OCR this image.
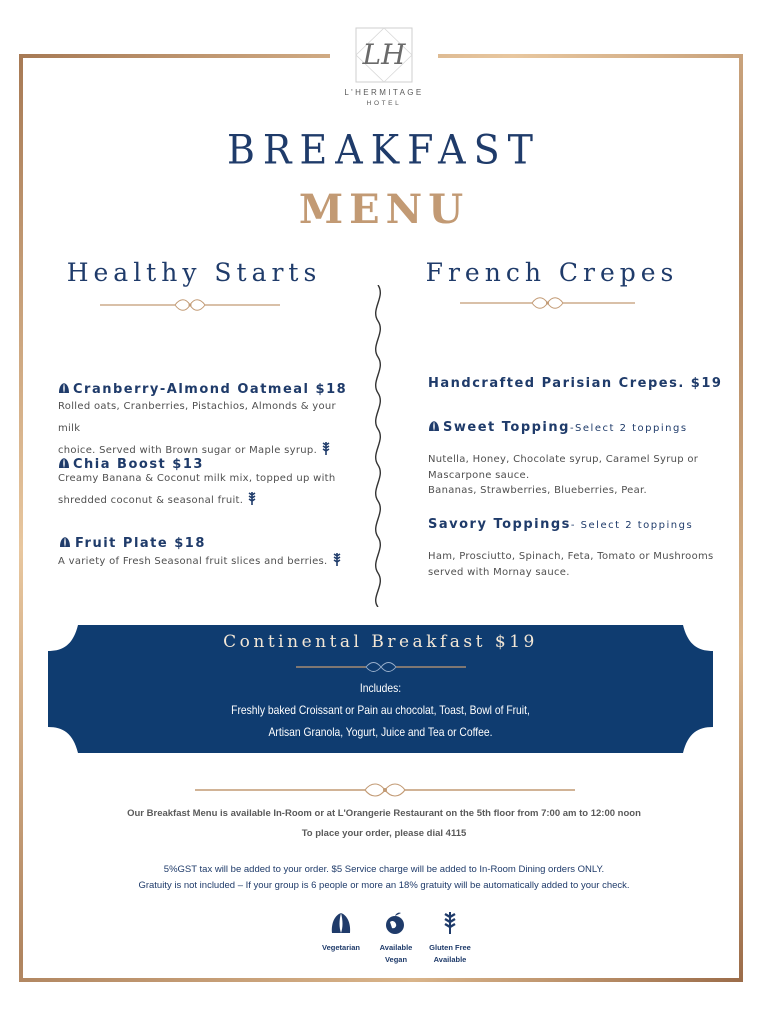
LH
L'HERMITAGE
HOTEL
BREAKFAST
MENU
Healthy Starts	French Crepes
Cranberry-Almond Oatmeal $18
Rolled oats, Cranberries, Pistachios, Almonds & your milk
choice. Served with Brown sugar or Maple syrup.
Chia Boost $13
Creamy Banana & Coconut milk mix, topped up with
shredded coconut & seasonal fruit.
Fruit Plate $18
A variety of Fresh Seasonal fruit slices and berries.
Handcrafted Parisian Crepes. $19
Sweet Topping-Select 2 toppings
Nutella, Honey, Chocolate syrup, Caramel Syrup or
Mascarpone sauce.
Bananas, Strawberries, Blueberries, Pear.
Savory Toppings- Select 2 toppings
Ham, Prosciutto, Spinach, Feta, Tomato or Mushrooms
served with Mornay sauce.
Continental Breakfast $19
Includes:
Freshly baked Croissant or Pain au chocolat, Toast, Bowl of Fruit,
Artisan Granola, Yogurt, Juice and Tea or Coffee.
Our Breakfast Menu is available In-Room or at L'Orangerie Restaurant on the 5th floor from 7:00 am to 12:00 noon
To place your order, please dial 4115
5%GST tax will be added to your order. $5 Service charge will be added to In-Room Dining orders ONLY.
Gratuity is not included – If your group is 6 people or more an 18% gratuity will be automatically added to your check.
Vegetarian	Available
Vegan
Gluten Free
Available
